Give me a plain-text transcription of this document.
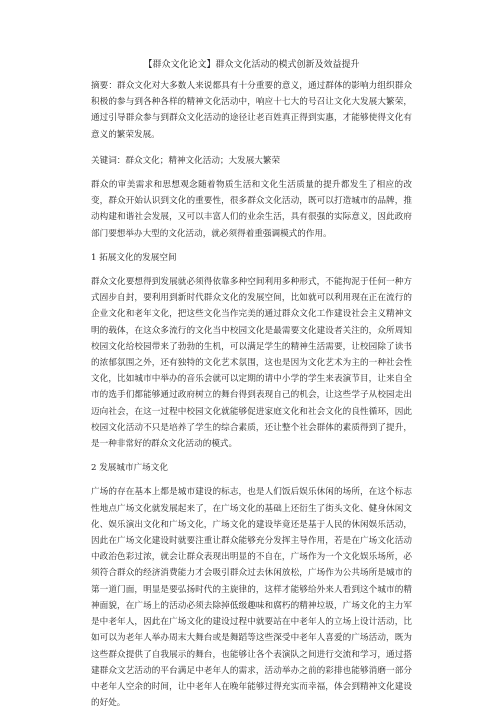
【群众文化论文】群众文化活动的模式创新及效益提升

摘要：群众文化对大多数人来说都具有十分重要的意义，通过群体的影响力组织群众积极的参与到各种各样的精神文化活动中，响应十七大的号召让文化大发展大繁荣，通过引导群众参与到群众文化活动的途径让老百姓真正得到实惠，才能够使得文化有意义的繁荣发展。

关键词：群众文化；精神文化活动；大发展大繁荣

群众的审美需求和思想观念随着物质生活和文化生活质量的提升都发生了相应的改变，群众开始认识到文化的重要性，很多群众文化活动，既可以打造城市的品牌，推动构建和谐社会发展，又可以丰富人们的业余生活，具有很强的实际意义，因此政府部门要想举办大型的文化活动，就必须得着重强调模式的作用。

1 拓展文化的发展空间

群众文化要想得到发展就必须得依靠多种空间利用多种形式，不能拘泥于任何一种方式固步自封，要利用到新时代群众文化的发展空间，比如就可以利用现在正在流行的企业文化和老年文化，把这些文化当作完美的通过群众文化工作建设社会主义精神文明的载体，在这众多流行的文化当中校园文化是最需要文化建设者关注的，众所周知校园文化给校园带来了勃勃的生机，可以满足学生的精神生活需要，让校园除了读书的浓郁氛围之外，还有独特的文化艺术氛围，这也是因为文化艺术为主的一种社会性文化，比如城市中举办的音乐会就可以定期的请中小学的学生来表演节目，让来自全市的选手们都能够通过政府树立的舞台得到表现自己的机会，让这些学子从校园走出迈向社会，在这一过程中校园文化就能够促进家庭文化和社会文化的良性循环，因此校园文化活动不只是培养了学生的综合素质，还让整个社会群体的素质得到了提升，是一种非常好的群众文化活动的模式。

2 发展城市广场文化

广场的存在基本上都是城市建设的标志，也是人们饭后娱乐休闲的场所，在这个标志性地点广场文化就发展起来了，在广场文化的基础上还衍生了街头文化、健身休闲文化、娱乐演出文化和广场文化，广场文化的建设毕竟还是基于人民的休闲娱乐活动，因此在广场文化建设时就要注重让群众能够充分发挥主导作用，若是在广场文化活动中政治色彩过浓，就会让群众表现出明显的不自在，广场作为一个文化娱乐场所，必须符合群众的经济消费能力才会吸引群众过去休闲放松，广场作为公共场所是城市的第一道门面，明显是要弘扬时代的主旋律的，这样才能够给外来人看到这个城市的精神面貌，在广场上的活动必须去除掉低级趣味和腐朽的精神垃圾，广场文化的主力军是中老年人，因此在广场文化的建设过程中就要站在中老年人的立场上设计活动，比如可以为老年人举办周末大舞台或是舞蹈等这些深受中老年人喜爱的广场活动，既为这些群众提供了自我展示的舞台，也能够让各个表演队之间进行交流和学习，通过搭建群众文艺活动的平台满足中老年人的需求，活动举办之前的彩排也能够消磨一部分中老年人空余的时间，让中老年人在晚年能够过得充实而幸福，体会到精神文化建设的好处。
